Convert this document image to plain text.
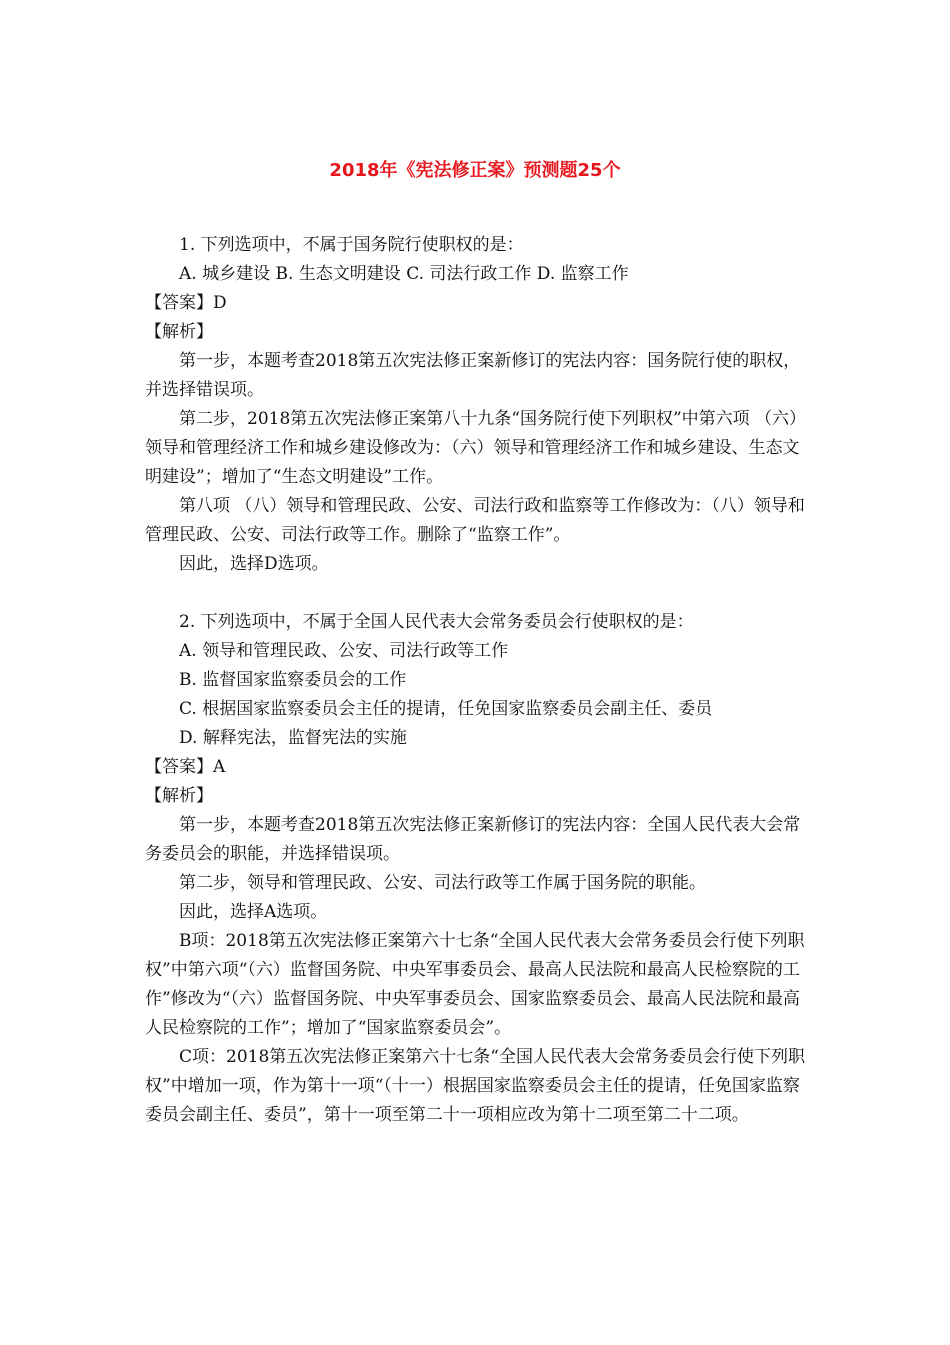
2018年《宪法修正案》预测题25个

1. 下列选项中，不属于国务院行使职权的是：

A. 城乡建设 B. 生态文明建设 C. 司法行政工作 D. 监察工作

【答案】D

【解析】

第一步，本题考查2018第五次宪法修正案新修订的宪法内容：国务院行使的职权，并选择错误项。

第二步，2018第五次宪法修正案第八十九条“国务院行使下列职权”中第六项 （六）领导和管理经济工作和城乡建设修改为：（六）领导和管理经济工作和城乡建设、生态文明建设”；增加了“生态文明建设”工作。

第八项 （八）领导和管理民政、公安、司法行政和监察等工作修改为：（八）领导和管理民政、公安、司法行政等工作。删除了“监察工作”。

因此，选择D选项。

2. 下列选项中，不属于全国人民代表大会常务委员会行使职权的是：

A. 领导和管理民政、公安、司法行政等工作

B. 监督国家监察委员会的工作

C. 根据国家监察委员会主任的提请，任免国家监察委员会副主任、委员

D. 解释宪法，监督宪法的实施

【答案】A

【解析】

第一步，本题考查2018第五次宪法修正案新修订的宪法内容：全国人民代表大会常务委员会的职能，并选择错误项。

第二步，领导和管理民政、公安、司法行政等工作属于国务院的职能。

因此，选择A选项。

B项：2018第五次宪法修正案第六十七条“全国人民代表大会常务委员会行使下列职权”中第六项“（六）监督国务院、中央军事委员会、最高人民法院和最高人民检察院的工作”修改为“（六）监督国务院、中央军事委员会、国家监察委员会、最高人民法院和最高人民检察院的工作”；增加了“国家监察委员会”。

C项：2018第五次宪法修正案第六十七条“全国人民代表大会常务委员会行使下列职权”中增加一项，作为第十一项“（十一）根据国家监察委员会主任的提请，任免国家监察委员会副主任、委员”，第十一项至第二十一项相应改为第十二项至第二十二项。
